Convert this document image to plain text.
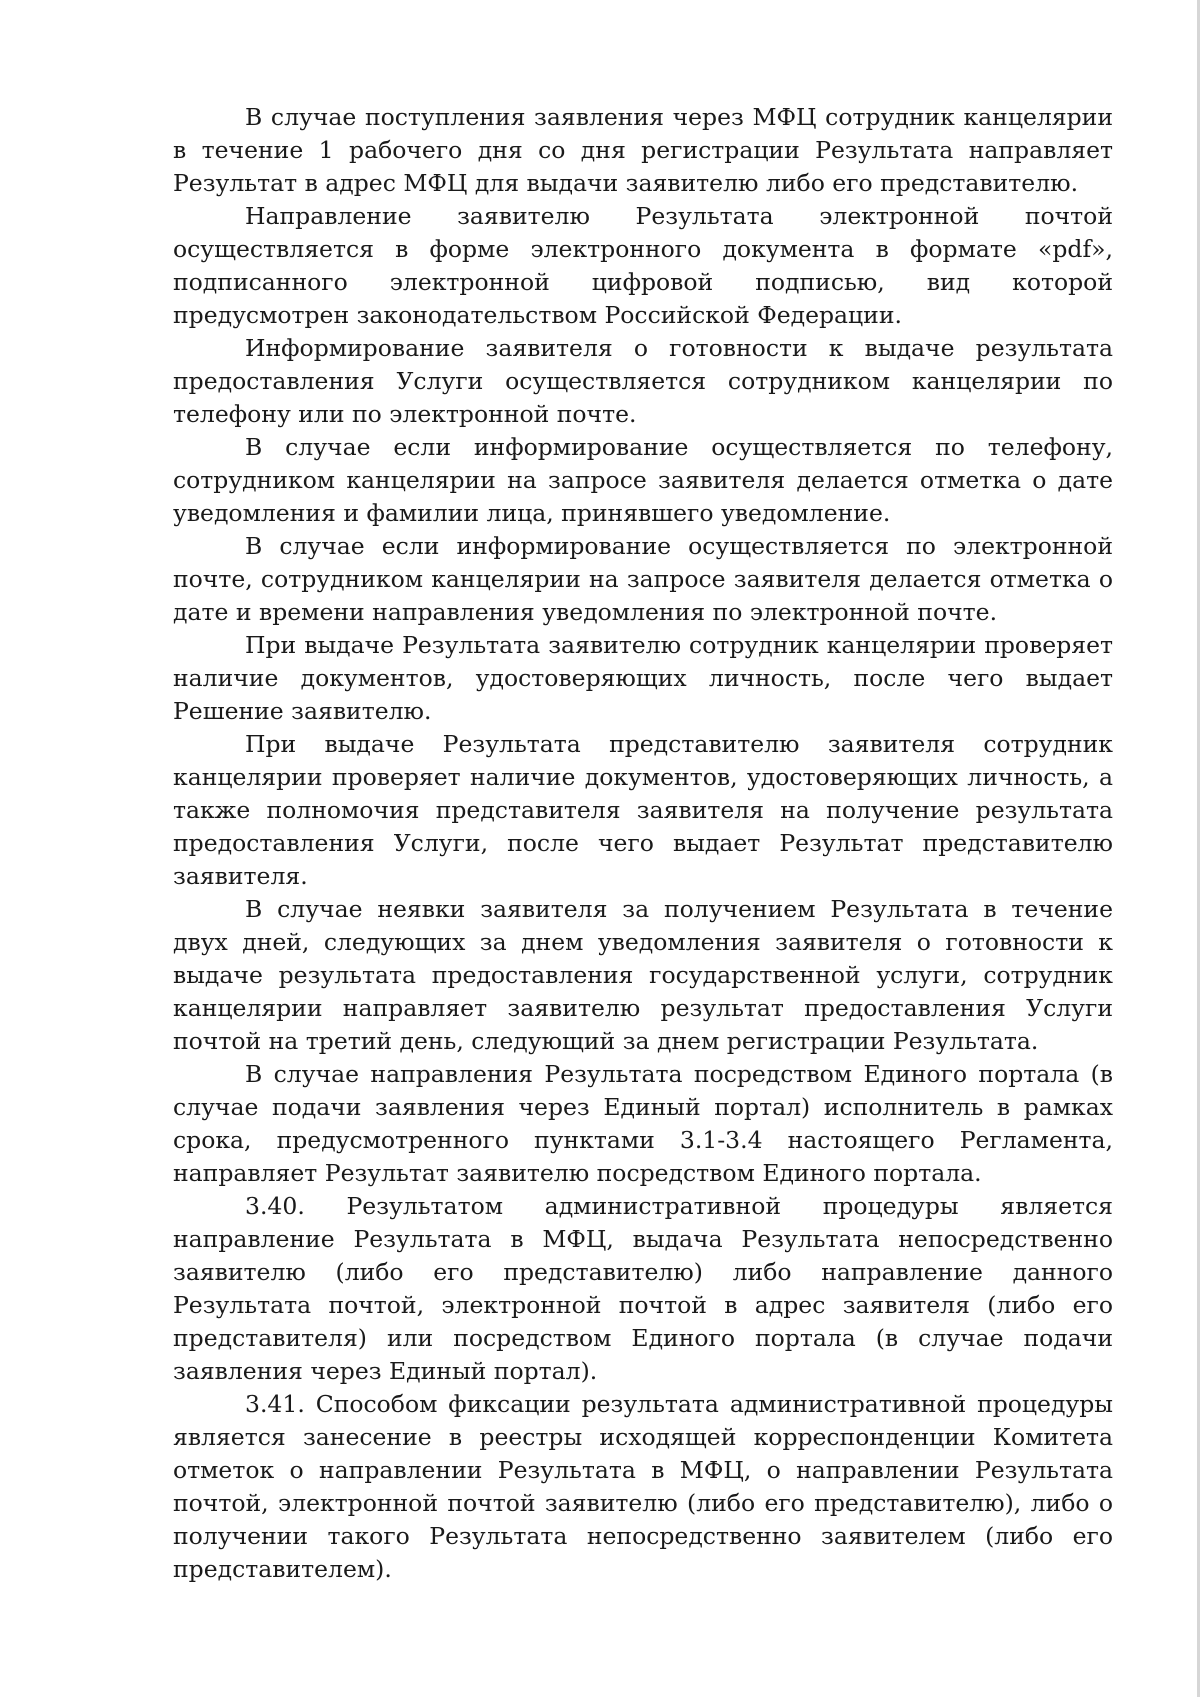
В случае поступления заявления через МФЦ сотрудник канцелярии в течение 1 рабочего дня со дня регистрации Результата направляет Результат в адрес МФЦ для выдачи заявителю либо его представителю.

Направление заявителю Результата электронной почтой осуществляется в форме электронного документа в формате «pdf», подписанного электронной цифровой подписью, вид которой предусмотрен законодательством Российской Федерации.

Информирование заявителя о готовности к выдаче результата предоставления Услуги осуществляется сотрудником канцелярии по телефону или по электронной почте.

В случае если информирование осуществляется по телефону, сотрудником канцелярии на запросе заявителя делается отметка о дате уведомления и фамилии лица, принявшего уведомление.

В случае если информирование осуществляется по электронной почте, сотрудником канцелярии на запросе заявителя делается отметка о дате и времени направления уведомления по электронной почте.

При выдаче Результата заявителю сотрудник канцелярии проверяет наличие документов, удостоверяющих личность, после чего выдает Решение заявителю.

При выдаче Результата представителю заявителя сотрудник канцелярии проверяет наличие документов, удостоверяющих личность, а также полномочия представителя заявителя на получение результата предоставления Услуги, после чего выдает Результат представителю заявителя.

В случае неявки заявителя за получением Результата в течение двух дней, следующих за днем уведомления заявителя о готовности к выдаче результата предоставления государственной услуги, сотрудник канцелярии направляет заявителю результат предоставления Услуги почтой на третий день, следующий за днем регистрации Результата.

В случае направления Результата посредством Единого портала (в случае подачи заявления через Единый портал) исполнитель в рамках срока, предусмотренного пунктами 3.1-3.4 настоящего Регламента, направляет Результат заявителю посредством Единого портала.

3.40. Результатом административной процедуры является направление Результата в МФЦ, выдача Результата непосредственно заявителю (либо его представителю) либо направление данного Результата почтой, электронной почтой в адрес заявителя (либо его представителя) или посредством Единого портала (в случае подачи заявления через Единый портал).

3.41. Способом фиксации результата административной процедуры является занесение в реестры исходящей корреспонденции Комитета отметок о направлении Результата в МФЦ, о направлении Результата почтой, электронной почтой заявителю (либо его представителю), либо о получении такого Результата непосредственно заявителем (либо его представителем).
